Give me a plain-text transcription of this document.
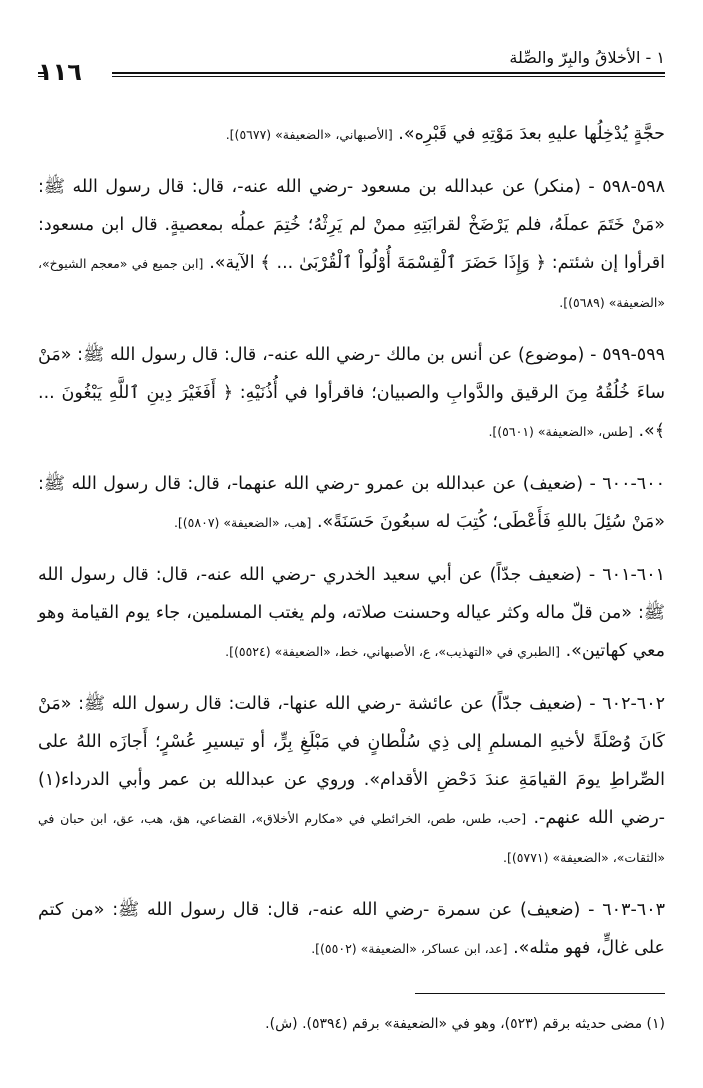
١ - الأخلاقُ والبِرّ والصِّلة
١١٦

حجَّةٍ يُدْخِلُها عليهِ بعدَ مَوْتِهِ في قَبْرِه». [الأصبهاني، «الضعيفة» (٥٦٧٧)].

٥٩٨-٥٩٨ - (منكر) عن عبدالله بن مسعود -رضي الله عنه-، قال: قال رسول الله ﷺ: «مَنْ خَتَمَ عملَهُ، فلم يَرْضَخْ لقرابَتِهِ ممنْ لم يَرِثْهُ؛ خُتِمَ عملُه بمعصيةٍ. قال ابن مسعود: اقرأوا إن شئتم: ﴿ وَإِذَا حَضَرَ ٱلْقِسْمَةَ أُوْلُواْ ٱلْقُرْبَىٰ ... ﴾ الآية». [ابن جميع في «معجم الشيوخ»، «الضعيفة» (٥٦٨٩)].

٥٩٩-٥٩٩ - (موضوع) عن أنس بن مالك -رضي الله عنه-، قال: قال رسول الله ﷺ: «مَنْ ساءَ خُلُقُهُ مِنَ الرقيق والدَّوابِ والصبيان؛ فاقرأوا في أُذُنَيْهِ: ﴿ أَفَغَيْرَ دِينِ ٱللَّهِ يَبْغُونَ ... ﴾». [طس، «الضعيفة» (٥٦٠١)].

٦٠٠-٦٠٠ - (ضعيف) عن عبدالله بن عمرو -رضي الله عنهما-، قال: قال رسول الله ﷺ: «مَنْ سُئِلَ باللهِ فَأَعْطَى؛ كُتِبَ له سبعُونَ حَسَنَةً». [هب، «الضعيفة» (٥٨٠٧)].

٦٠١-٦٠١ - (ضعيف جدّاً) عن أبي سعيد الخدري -رضي الله عنه-، قال: قال رسول الله ﷺ: «من قلّ ماله وكثر عياله وحسنت صلاته، ولم يغتب المسلمين، جاء يوم القيامة وهو معي كهاتين». [الطبري في «التهذيب»، ع، الأصبهاني، خط، «الضعيفة» (٥٥٢٤)].

٦٠٢-٦٠٢ - (ضعيف جدّاً) عن عائشة -رضي الله عنها-، قالت: قال رسول الله ﷺ: «مَنْ كَانَ وُصْلَةً لأخيهِ المسلمِ إلى ذِي سُلْطانٍ في مَبْلَغِ بِرٍّ، أو تيسيرِ عُسْرٍ؛ أَجازَه اللهُ على الصِّراطِ يومَ القيامَةِ عندَ دَحْضِ الأقدام». وروي عن عبدالله بن عمر وأبي الدرداء(١) -رضي الله عنهم-. [حب، طس، طص، الخرائطي في «مكارم الأخلاق»، القضاعي، هق، هب، عق، ابن حبان في «الثقات»، «الضعيفة» (٥٧٧١)].

٦٠٣-٦٠٣ - (ضعيف) عن سمرة -رضي الله عنه-، قال: قال رسول الله ﷺ: «من كتم على غالٍّ، فهو مثله». [عد، ابن عساكر، «الضعيفة» (٥٥٠٢)].

(١) مضى حديثه برقم (٥٢٣)، وهو في «الضعيفة» برقم (٥٣٩٤). (ش).
